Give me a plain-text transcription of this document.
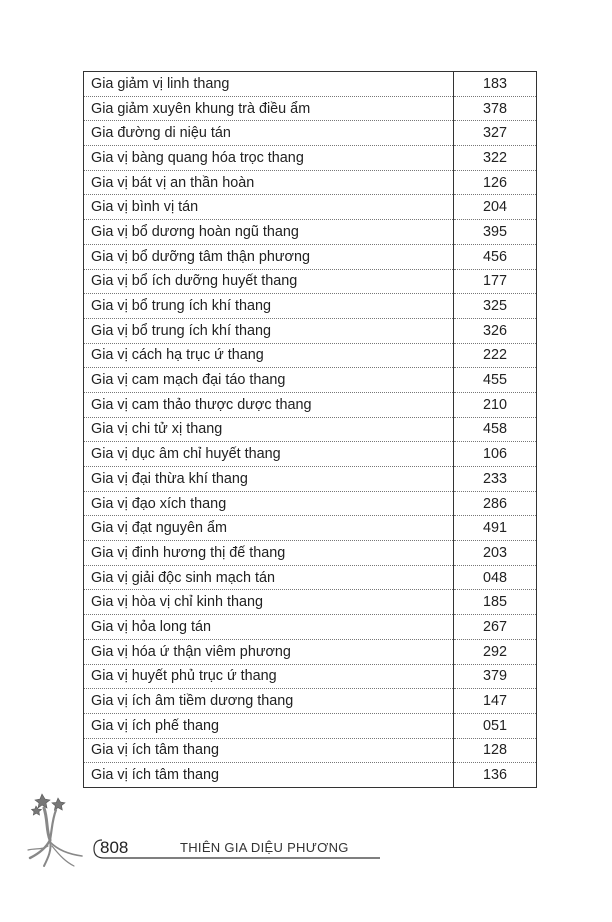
Gia giảm vị linh thang	183
Gia giảm xuyên khung trà điều ẩm	378
Gia đường di niệu tán	327
Gia vị bàng quang hóa trọc thang	322
Gia vị bát vị an thần hoàn	126
Gia vị bình vị tán	204
Gia vị bổ dương hoàn ngũ thang	395
Gia vị bổ dưỡng tâm thận phương	456
Gia vị bổ ích dưỡng huyết thang	177
Gia vị bổ trung ích khí thang	325
Gia vị bổ trung ích khí thang	326
Gia vị cách hạ trục ứ thang	222
Gia vị cam mạch đại táo thang	455
Gia vị cam thảo thược dược thang	210
Gia vị chi tử xị thang	458
Gia vị dục âm chỉ huyết thang	106
Gia vị đại thừa khí thang	233
Gia vị đạo xích thang	286
Gia vị đạt nguyên ẩm	491
Gia vị đinh hương thị đế thang	203
Gia vị giải độc sinh mạch tán	048
Gia vị hòa vị chỉ kinh thang	185
Gia vị hỏa long tán	267
Gia vị hóa ứ thận viêm phương	292
Gia vị huyết phủ trục ứ thang	379
Gia vị ích âm tiềm dương thang	147
Gia vị ích phế thang	051
Gia vị ích tâm thang	128
Gia vị ích tâm thang	136
808	THIÊN GIA DIỆU PHƯƠNG
